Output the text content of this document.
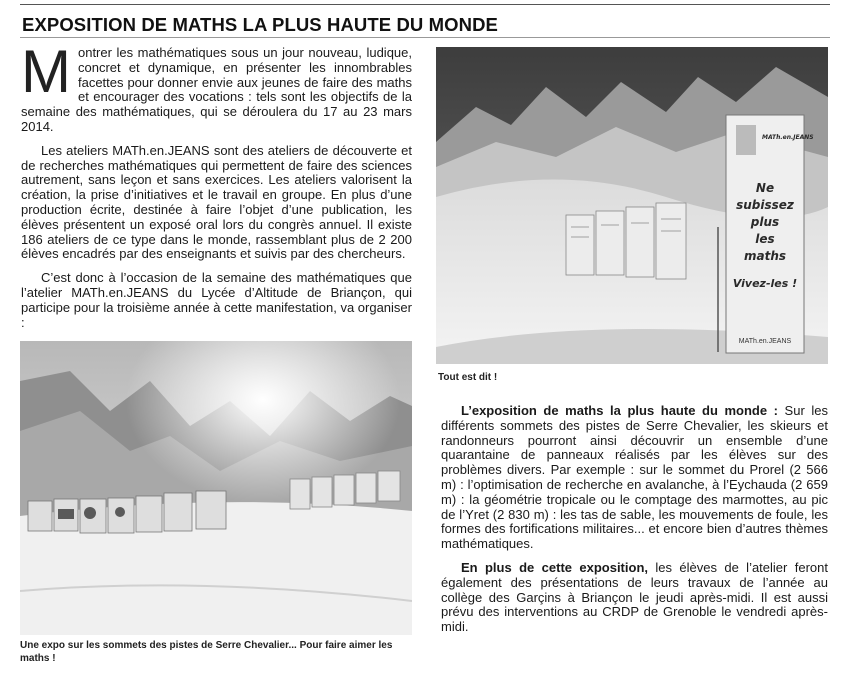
EXPOSITION DE MATHS LA PLUS HAUTE DU MONDE

Montrer les mathématiques sous un jour nouveau, ludique, concret et dynamique, en présenter les innombrables facettes pour donner envie aux jeunes de faire des maths et encourager des vocations : tels sont les objectifs de la semaine des mathématiques, qui se déroulera du 17 au 23 mars 2014.

Les ateliers MATh.en.JEANS sont des ateliers de découverte et de recherches mathématiques qui permettent de faire des sciences autrement, sans leçon et sans exercices. Les ateliers valorisent la création, la prise d’initiatives et le travail en groupe. En plus d’une production écrite, destinée à faire l’objet d’une publication, les élèves présentent un exposé oral lors du congrès annuel. Il existe 186 ateliers de ce type dans le monde, rassemblant plus de 2 200 élèves encadrés par des enseignants et suivis par des chercheurs.

C’est donc à l’occasion de la semaine des mathématiques que l’atelier MATh.en.JEANS du Lycée d’Altitude de Briançon, qui participe pour la troisième année à cette manifestation, va organiser :

MATh.en.JEANS
Ne
subissez
plus
les
maths
Vivez-les !
MATh.en.JEANS
Tout est dit !
Une expo sur les sommets des pistes de Serre Chevalier... Pour faire aimer les maths !

L’exposition de maths la plus haute du monde : Sur les différents sommets des pistes de Serre Chevalier, les skieurs et randonneurs pourront ainsi découvrir un ensemble d’une quarantaine de panneaux réalisés par les élèves sur des problèmes divers. Par exemple : sur le sommet du Prorel (2 566 m) : l’optimisation de recherche en avalanche, à l’Eychauda (2 659 m) : la géométrie tropicale ou le comptage des marmottes, au pic de l’Yret (2 830 m) : les tas de sable, les mouvements de foule, les formes des fortifications militaires... et encore bien d’autres thèmes mathématiques.

En plus de cette exposition, les élèves de l’atelier feront également des présentations de leurs travaux de l’année au collège des Garçins à Briançon le jeudi après-midi. Il est aussi prévu des interventions au CRDP de Grenoble le vendredi après-midi.
